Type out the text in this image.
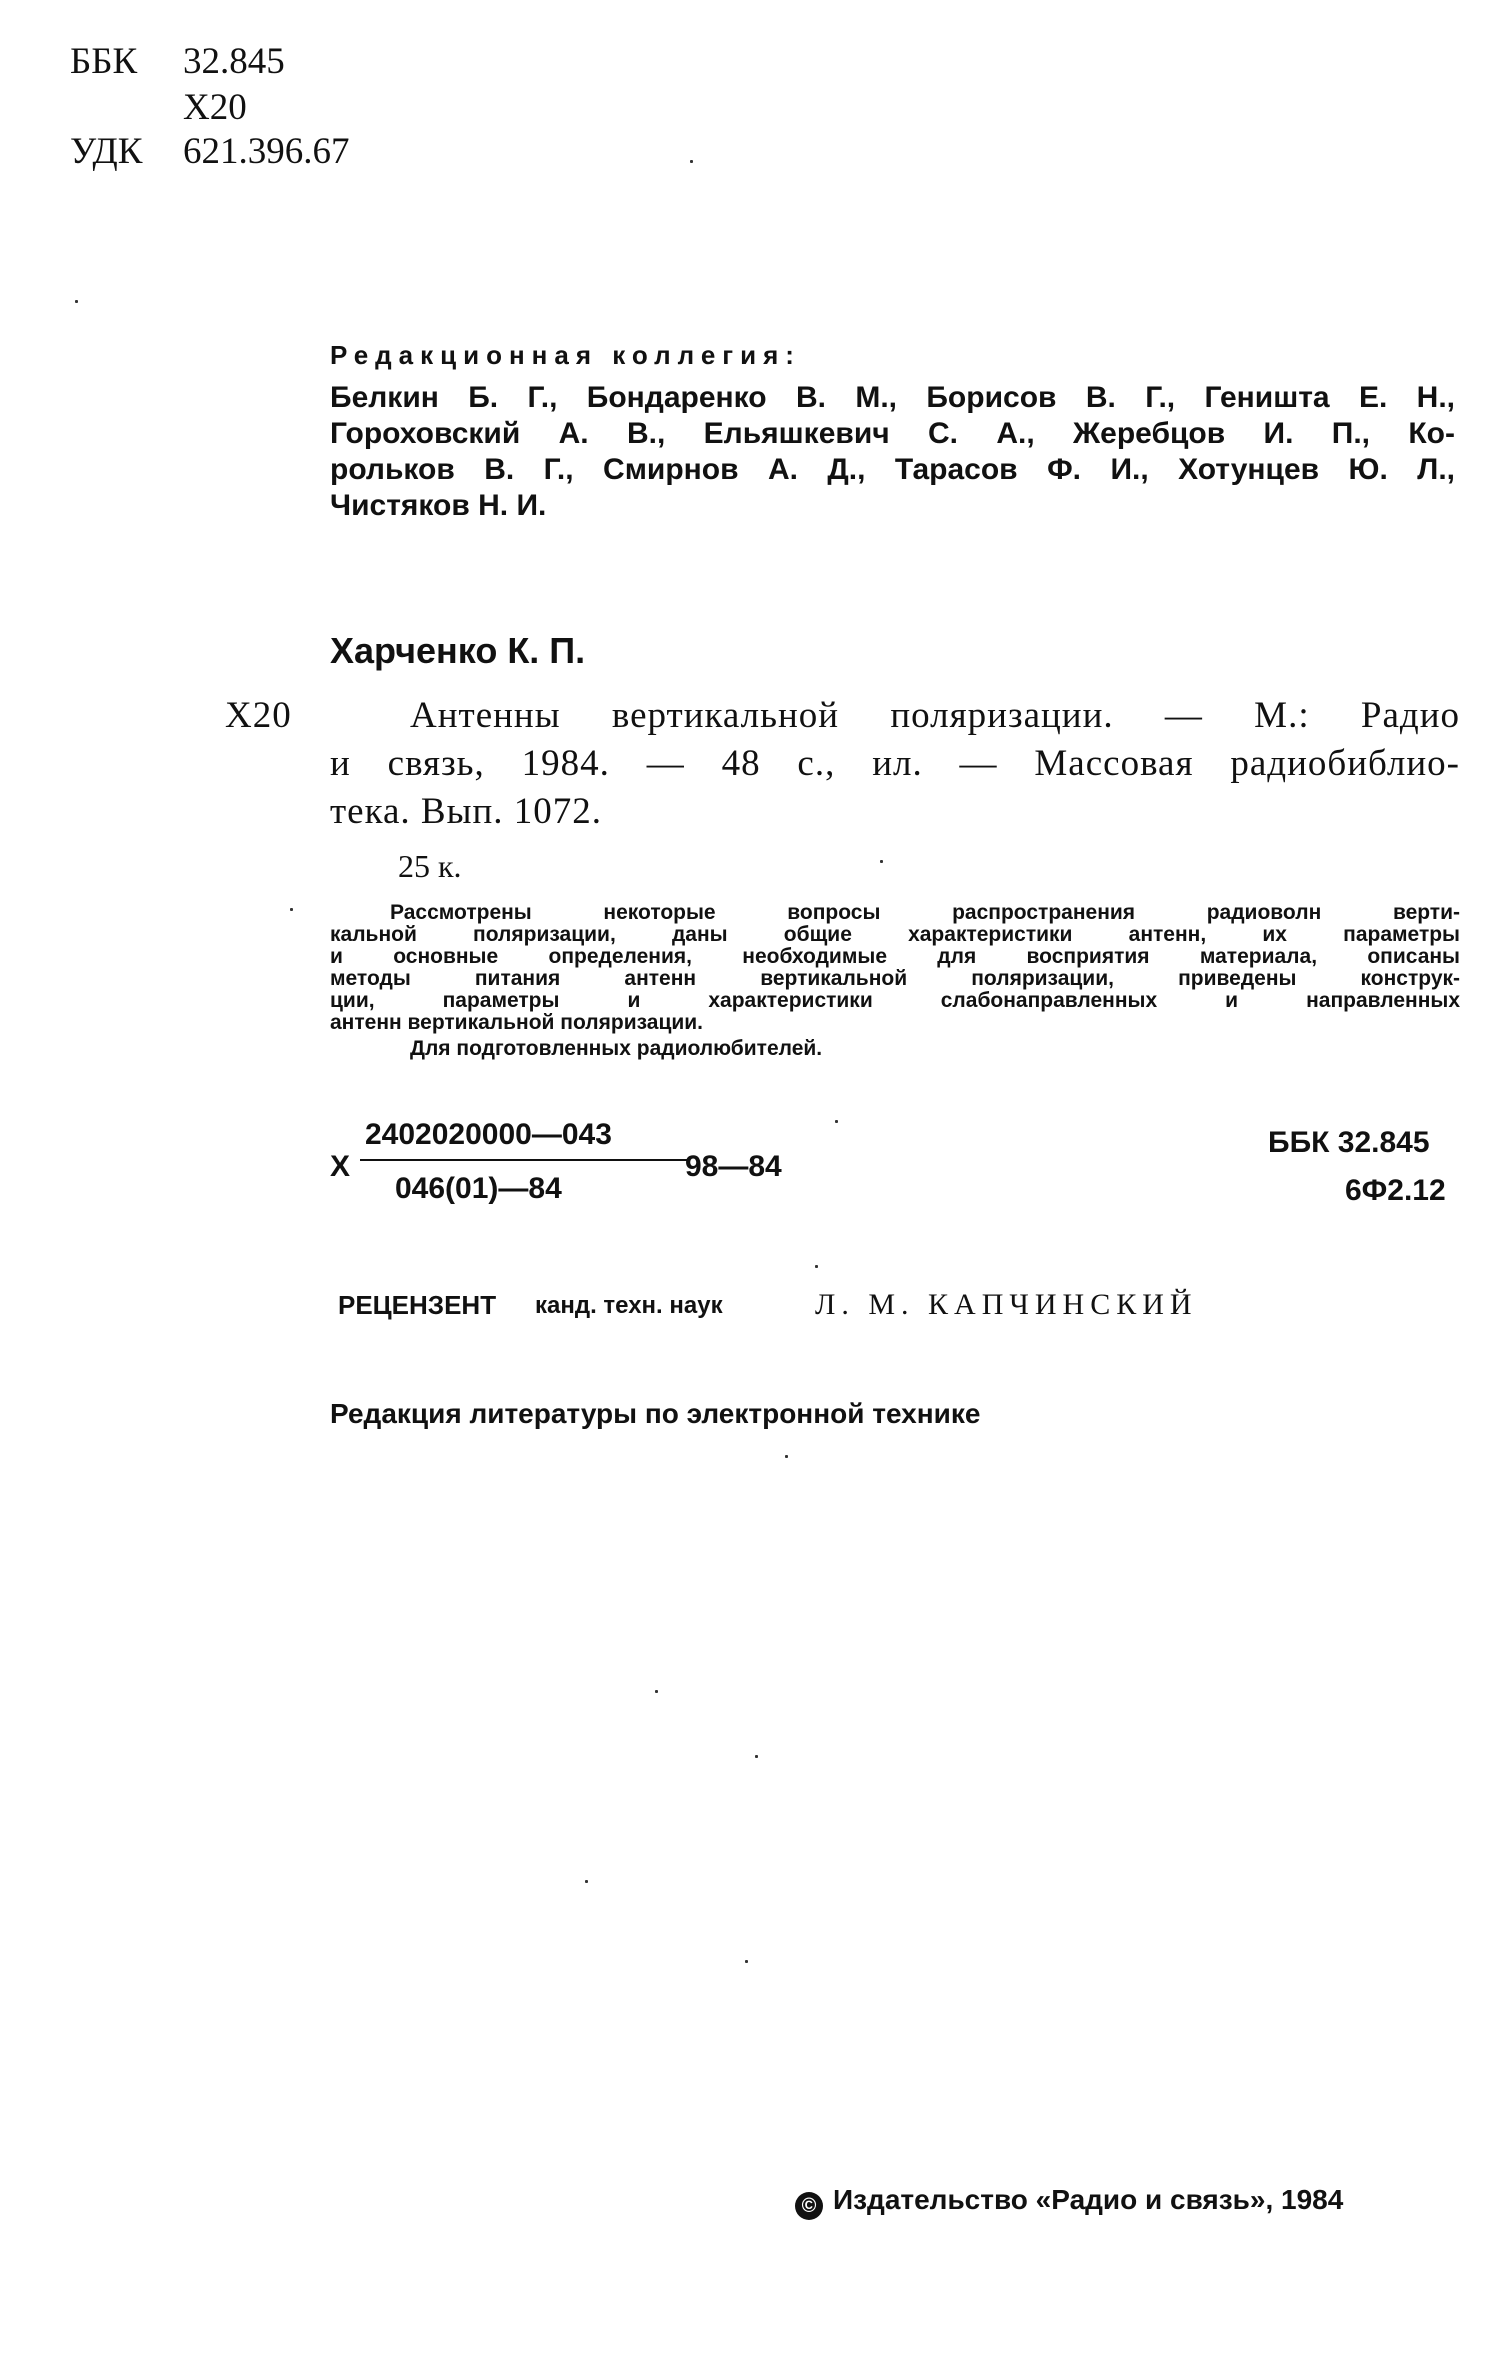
ББК 32.845
Х20
УДК 621.396.67
Редакционная коллегия:
Белкин Б. Г., Бондаренко В. М., Борисов В. Г., Геништа Е. Н.,
Гороховский А. В., Ельяшкевич С. А., Жеребцов И. П., Ко-
рольков В. Г., Смирнов А. Д., Тарасов Ф. И., Хотунцев Ю. Л.,
Чистяков Н. И.
Харченко К. П.
Х20	Антенны вертикальной поляризации. — М.: Радио
и связь, 1984. — 48 с., ил. — Массовая радиобиблио-
тека. Вып. 1072.
25 к.
Рассмотрены некоторые вопросы распространения радиоволн верти-
кальной поляризации, даны общие характеристики антенн, их параметры
и основные определения, необходимые для восприятия материала, описаны
методы питания антенн вертикальной поляризации, приведены конструк-
ции, параметры и характеристики слабонаправленных и направленных
антенн вертикальной поляризации.
Для подготовленных радиолюбителей.
Х
2402020000—043
046(01)—84
98—84
ББК 32.845
6Ф2.12
РЕЦЕНЗЕНТ канд. техн. наук	Л. М. КАПЧИНСКИЙ
Редакция литературы по электронной технике
© Издательство «Радио и связь», 1984
